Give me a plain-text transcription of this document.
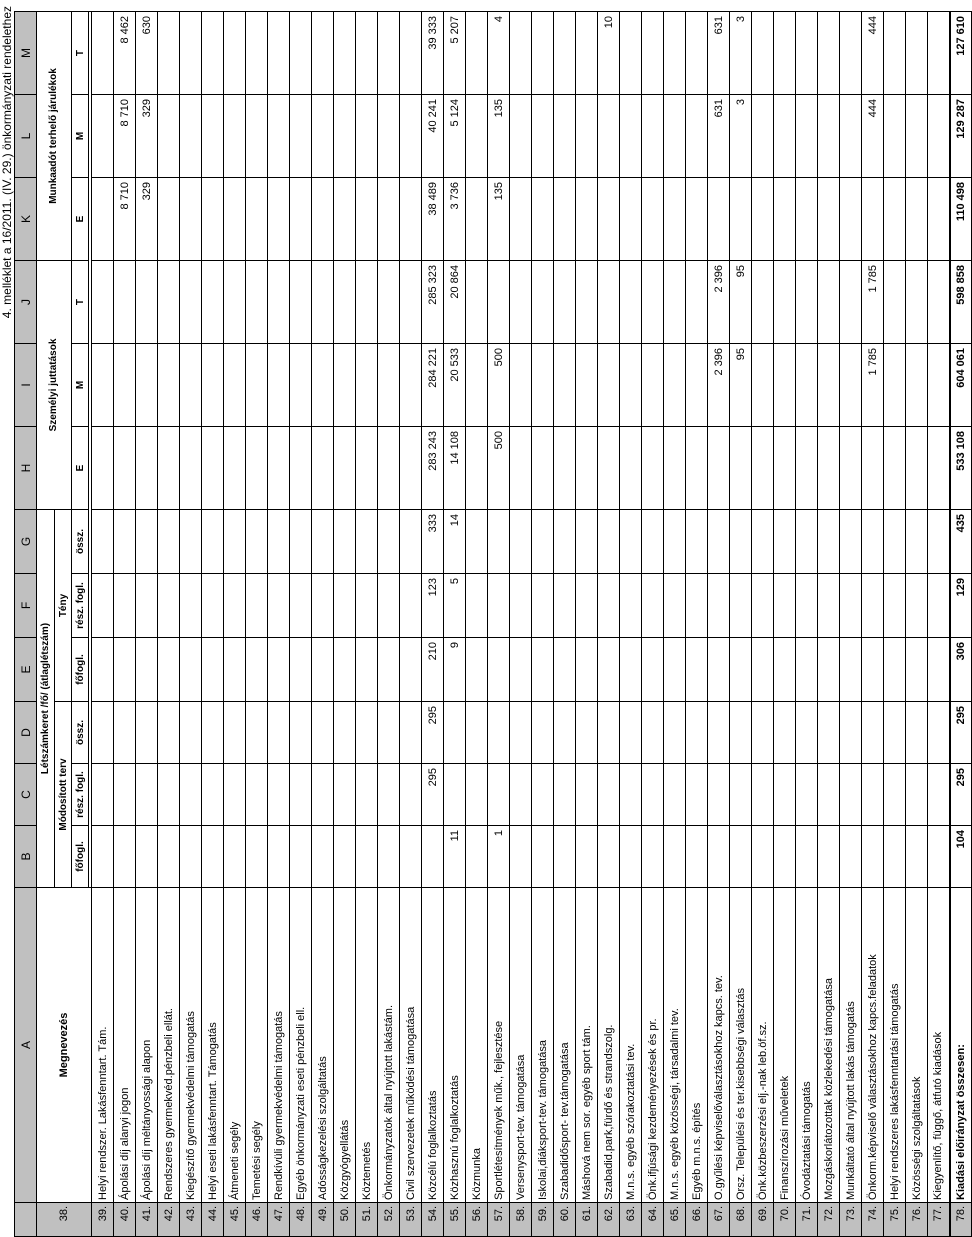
4. melléklet a 16/2011. (IV. 29.) önkormányzati rendelethez
	A	B	C	D	E	F	G	H	I	J	K	L	M
38.	Megnevezés	Létszámkeret /fő/ (átlaglétszám)						Személyi juttatások			Munkaadót terhelő járulékok		
		Módosított terv			Tény								
		főfogl.	rész. fogl.	össz.	főfogl.	rész. fogl.	össz.	E	M	T	E	M	T

39.	Helyi rendszer. Lakásfenntart. Tám.												
40.	Ápolási díj alanyi jogon										8 710	8 710	8 462
41.	Ápolási díj méltányossági alapon										329	329	630
42.	Rendszeres gyermekvéd.pénzbeli ellát.												
43.	Kiegészítő gyermekvédelmi támogatás												
44.	Helyi eseti lakásfenntart. Támogatás												
45.	Átmeneti segély												
46.	Temetési segély												
47.	Rendkívüli gyermekvédelmi támogatás												
48.	Egyéb önkormányzati eseti pénzbeli ell.												
49.	Adósságkezelési szolgáltatás												
50.	Közgyógyellátás												
51.	Köztemetés												
52.	Önkormányzatok által nyújtott lakástám.												
53.	Civil szervezetek működési támogatása												
54.	Közcélú foglalkoztatás		295	295	210	123	333	283 243	284 221	285 323	38 489	40 241	39 333
55.	Közhasznú foglalkoztatás	11			9	5	14	14 108	20 533	20 864	3 736	5 124	5 207
56.	Közmunka												
57.	Sportlétesítmények műk., fejlesztése	1						500	500		135	135	4
58.	Versenysport-tev. támogatása												
59.	Iskolai,diáksport-tev. támogatása												
60.	Szabadidősport- tev.támogatása												
61.	Máshová nem sor. egyéb sport tám.												
62.	Szabadid.park,fürdő és strandszolg.												10
63.	M.n.s. egyéb szórakoztatási tev.												
64.	Önk.ifjúsági kezdeményezések és pr.												
65.	M.n.s. egyéb közösségi, társadalmi tev.												
66.	Egyéb m.n.s. építés												
67.	O.gyűlési képviselőválasztásokhoz kapcs. tev.								2 396	2 396		631	631
68.	Orsz. Települési és ter.kisebbségi választás								95	95		3	3
69.	Önk.közbeszerzési elj.-nak leb.öf.sz.												
70.	Finanszírozási műveletek												
71.	Óvodáztatási támogatás												
72.	Mozgáskorlátozottak közlekedési támogatása												
73.	Munkáltató által nyújtott lakás támogatás												
74.	Önkorm.képviselő választásokhoz kapcs.feladatok								1 785	1 785		444	444
75.	Helyi rendszeres lakásfenntartási támogatás												
76.	Közösségi szolgáltatások												
77.	Kiegyenlítő, függő, átfutó kiadások												
78.	Kiadási előirányzat összesen:	104	295	295	306	129	435	533 108	604 061	598 858	110 498	129 287	127 610
